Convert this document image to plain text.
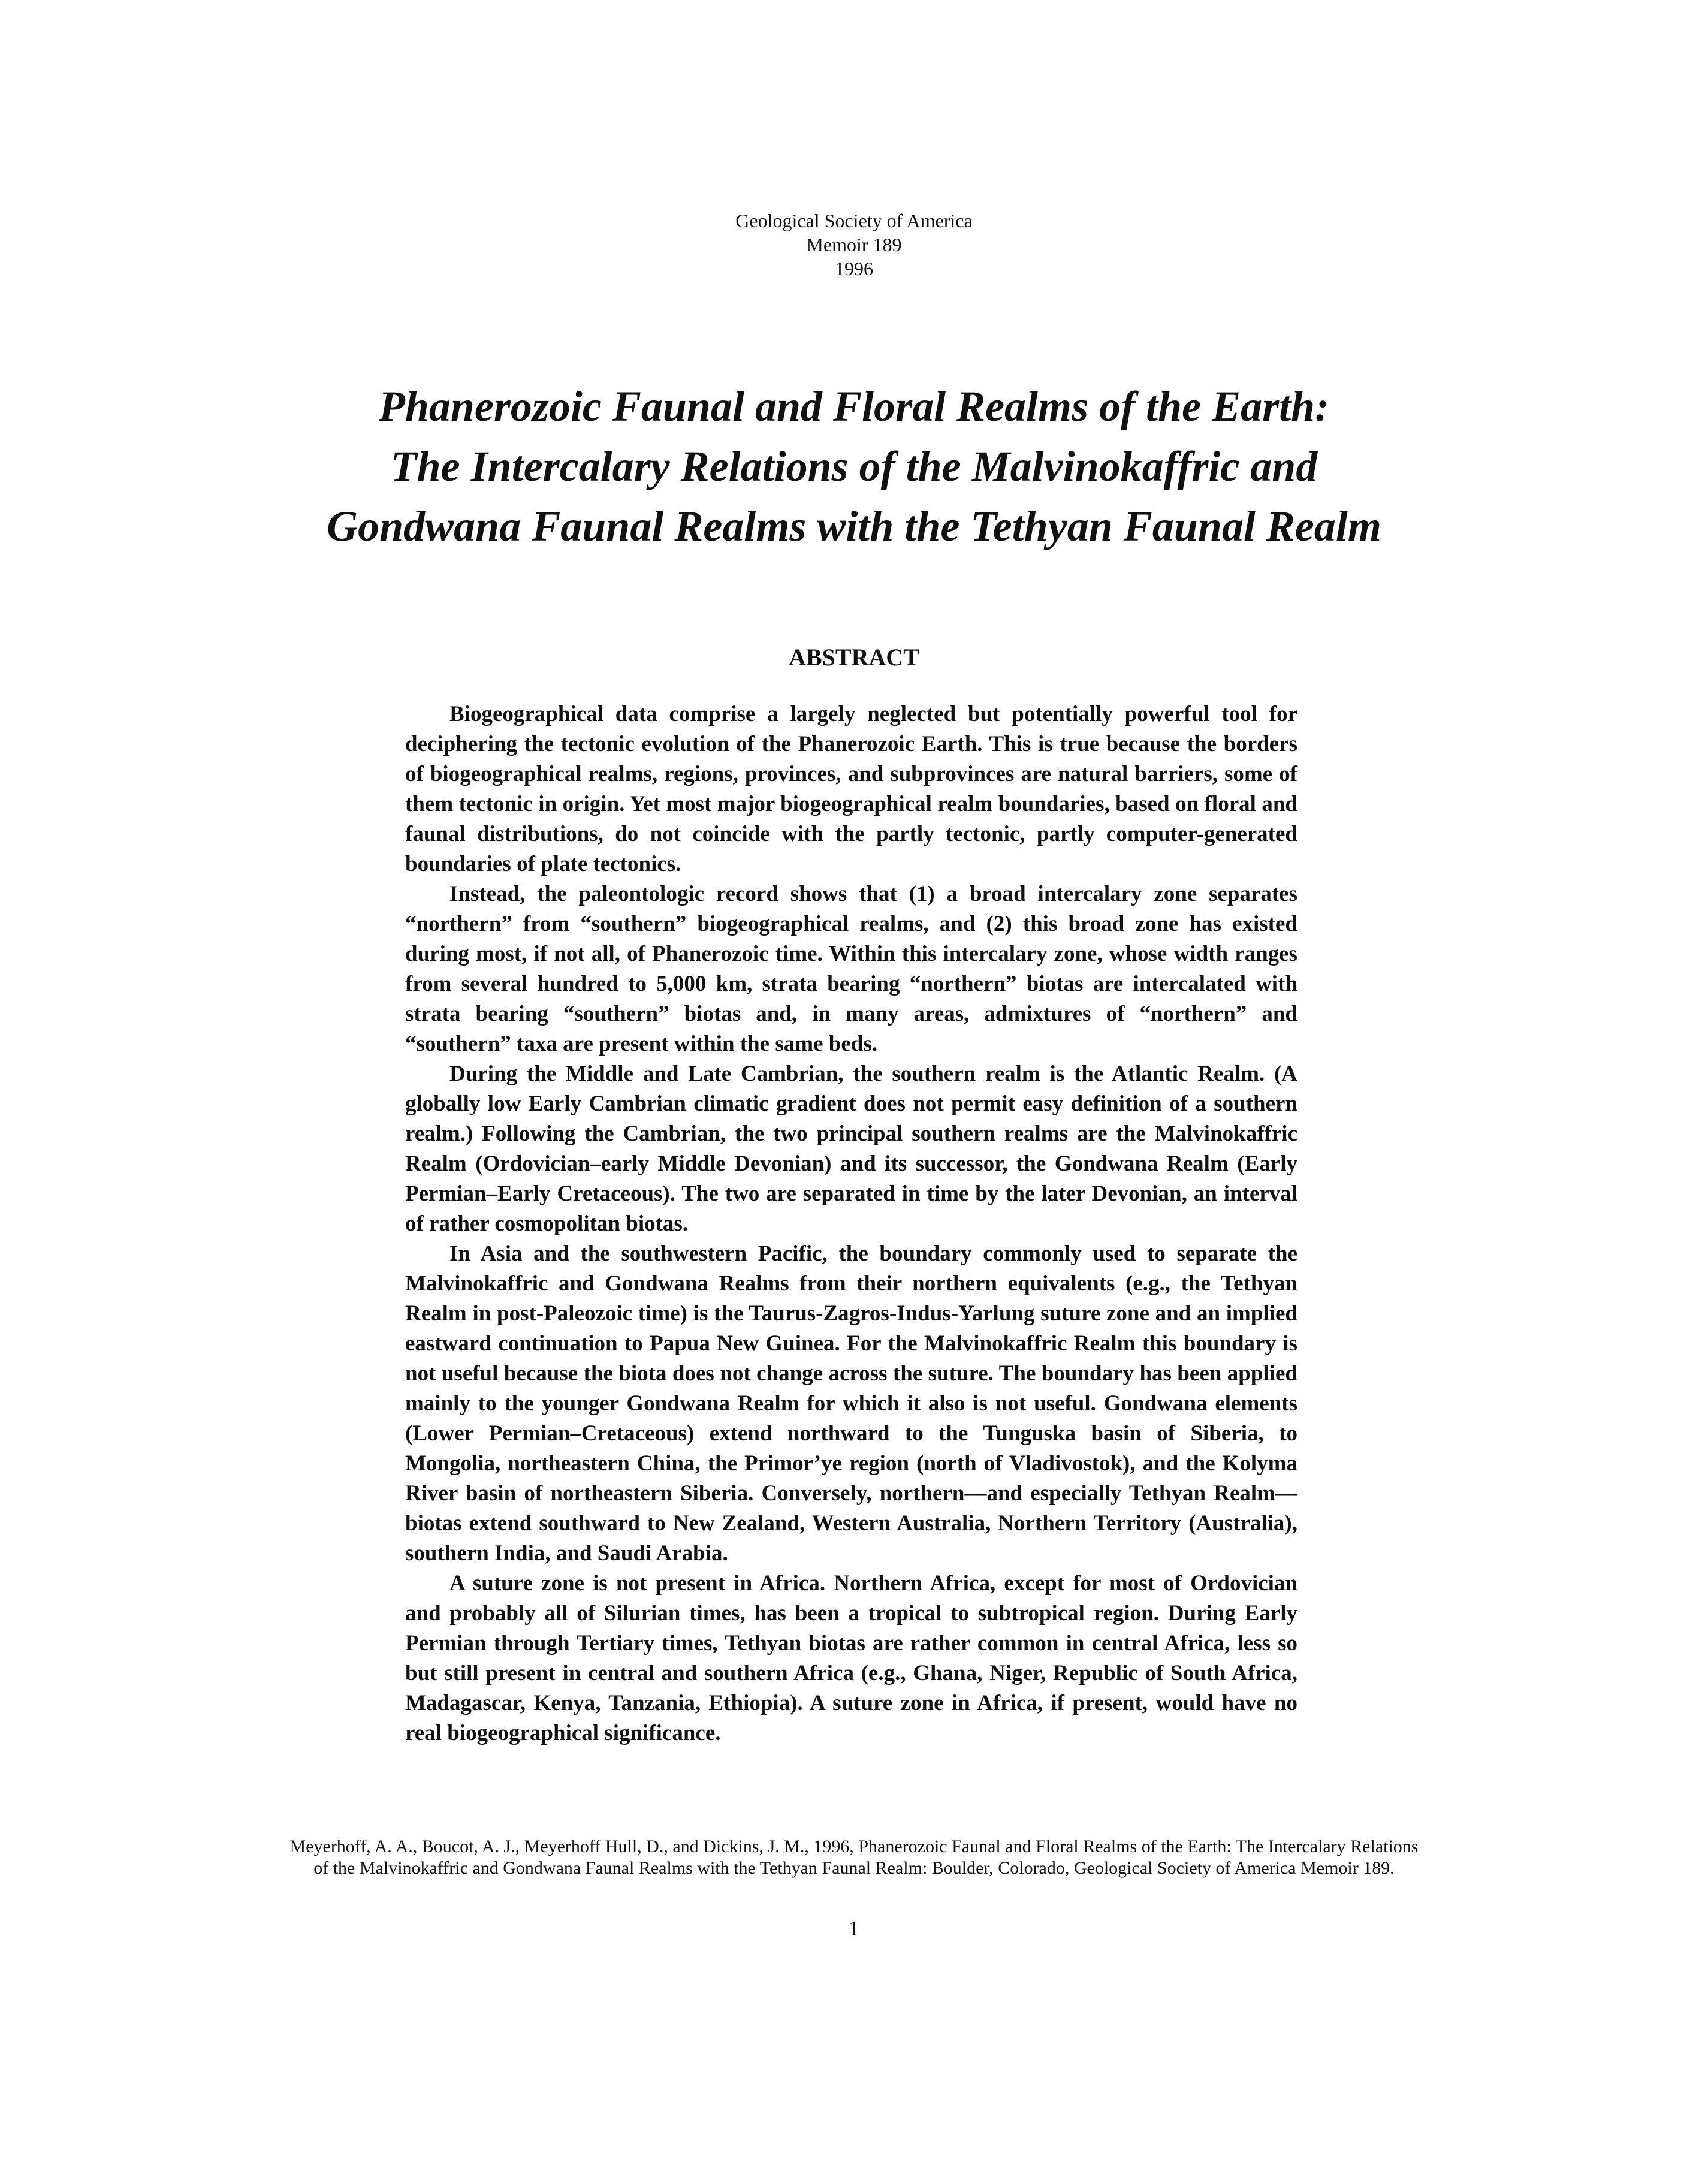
Geological Society of America
Memoir 189
1996
Phanerozoic Faunal and Floral Realms of the Earth:
The Intercalary Relations of the Malvinokaffric and
Gondwana Faunal Realms with the Tethyan Faunal Realm
ABSTRACT

Biogeographical data comprise a largely neglected but potentially powerful tool for deciphering the tectonic evolution of the Phanerozoic Earth. This is true because the borders of biogeographical realms, regions, provinces, and subprovinces are natural barriers, some of them tectonic in origin. Yet most major biogeographical realm boundaries, based on floral and faunal distributions, do not coincide with the partly tectonic, partly computer-generated boundaries of plate tectonics.

Instead, the paleontologic record shows that (1) a broad intercalary zone separates “northern” from “southern” biogeographical realms, and (2) this broad zone has existed during most, if not all, of Phanerozoic time. Within this intercalary zone, whose width ranges from several hundred to 5,000 km, strata bearing “northern” biotas are intercalated with strata bearing “southern” biotas and, in many areas, admixtures of “northern” and “southern” taxa are present within the same beds.

During the Middle and Late Cambrian, the southern realm is the Atlantic Realm. (A globally low Early Cambrian climatic gradient does not permit easy definition of a southern realm.) Following the Cambrian, the two principal southern realms are the Malvinokaffric Realm (Ordovician–early Middle Devonian) and its successor, the Gondwana Realm (Early Permian–Early Cretaceous). The two are separated in time by the later Devonian, an interval of rather cosmopolitan biotas.

In Asia and the southwestern Pacific, the boundary commonly used to separate the Malvinokaffric and Gondwana Realms from their northern equivalents (e.g., the Tethyan Realm in post-Paleozoic time) is the Taurus-Zagros-Indus-Yarlung suture zone and an implied eastward continuation to Papua New Guinea. For the Malvinokaffric Realm this boundary is not useful because the biota does not change across the suture. The boundary has been applied mainly to the younger Gondwana Realm for which it also is not useful. Gondwana elements (Lower Permian–Cretaceous) extend northward to the Tunguska basin of Siberia, to Mongolia, northeastern China, the Primor’ye region (north of Vladivostok), and the Kolyma River basin of northeastern Siberia. Conversely, northern—and especially Tethyan Realm—biotas extend southward to New Zealand, Western Australia, Northern Territory (Australia), southern India, and Saudi Arabia.

A suture zone is not present in Africa. Northern Africa, except for most of Ordovician and probably all of Silurian times, has been a tropical to subtropical region. During Early Permian through Tertiary times, Tethyan biotas are rather common in central Africa, less so but still present in central and southern Africa (e.g., Ghana, Niger, Republic of South Africa, Madagascar, Kenya, Tanzania, Ethiopia). A suture zone in Africa, if present, would have no real biogeographical significance.

Meyerhoff, A. A., Boucot, A. J., Meyerhoff Hull, D., and Dickins, J. M., 1996, Phanerozoic Faunal and Floral Realms of the Earth: The Intercalary Relations
of the Malvinokaffric and Gondwana Faunal Realms with the Tethyan Faunal Realm: Boulder, Colorado, Geological Society of America Memoir 189.
1
